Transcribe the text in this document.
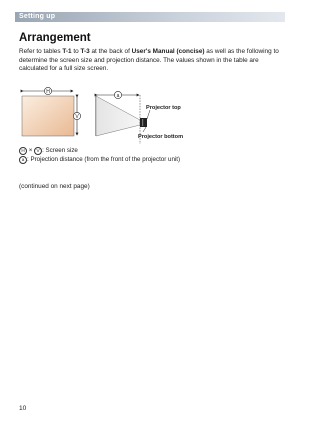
Setting up
Arrangement

Refer to tables T-1 to T-3 at the back of User's Manual (concise) as well as the following to determine the screen size and projection distance. The values shown in the table are calculated for a full size screen.

H
V
a
Projector top
Projector bottom

H × V : Screen size
a : Projection distance (from the front of the projector unit)

(continued on next page)

10
